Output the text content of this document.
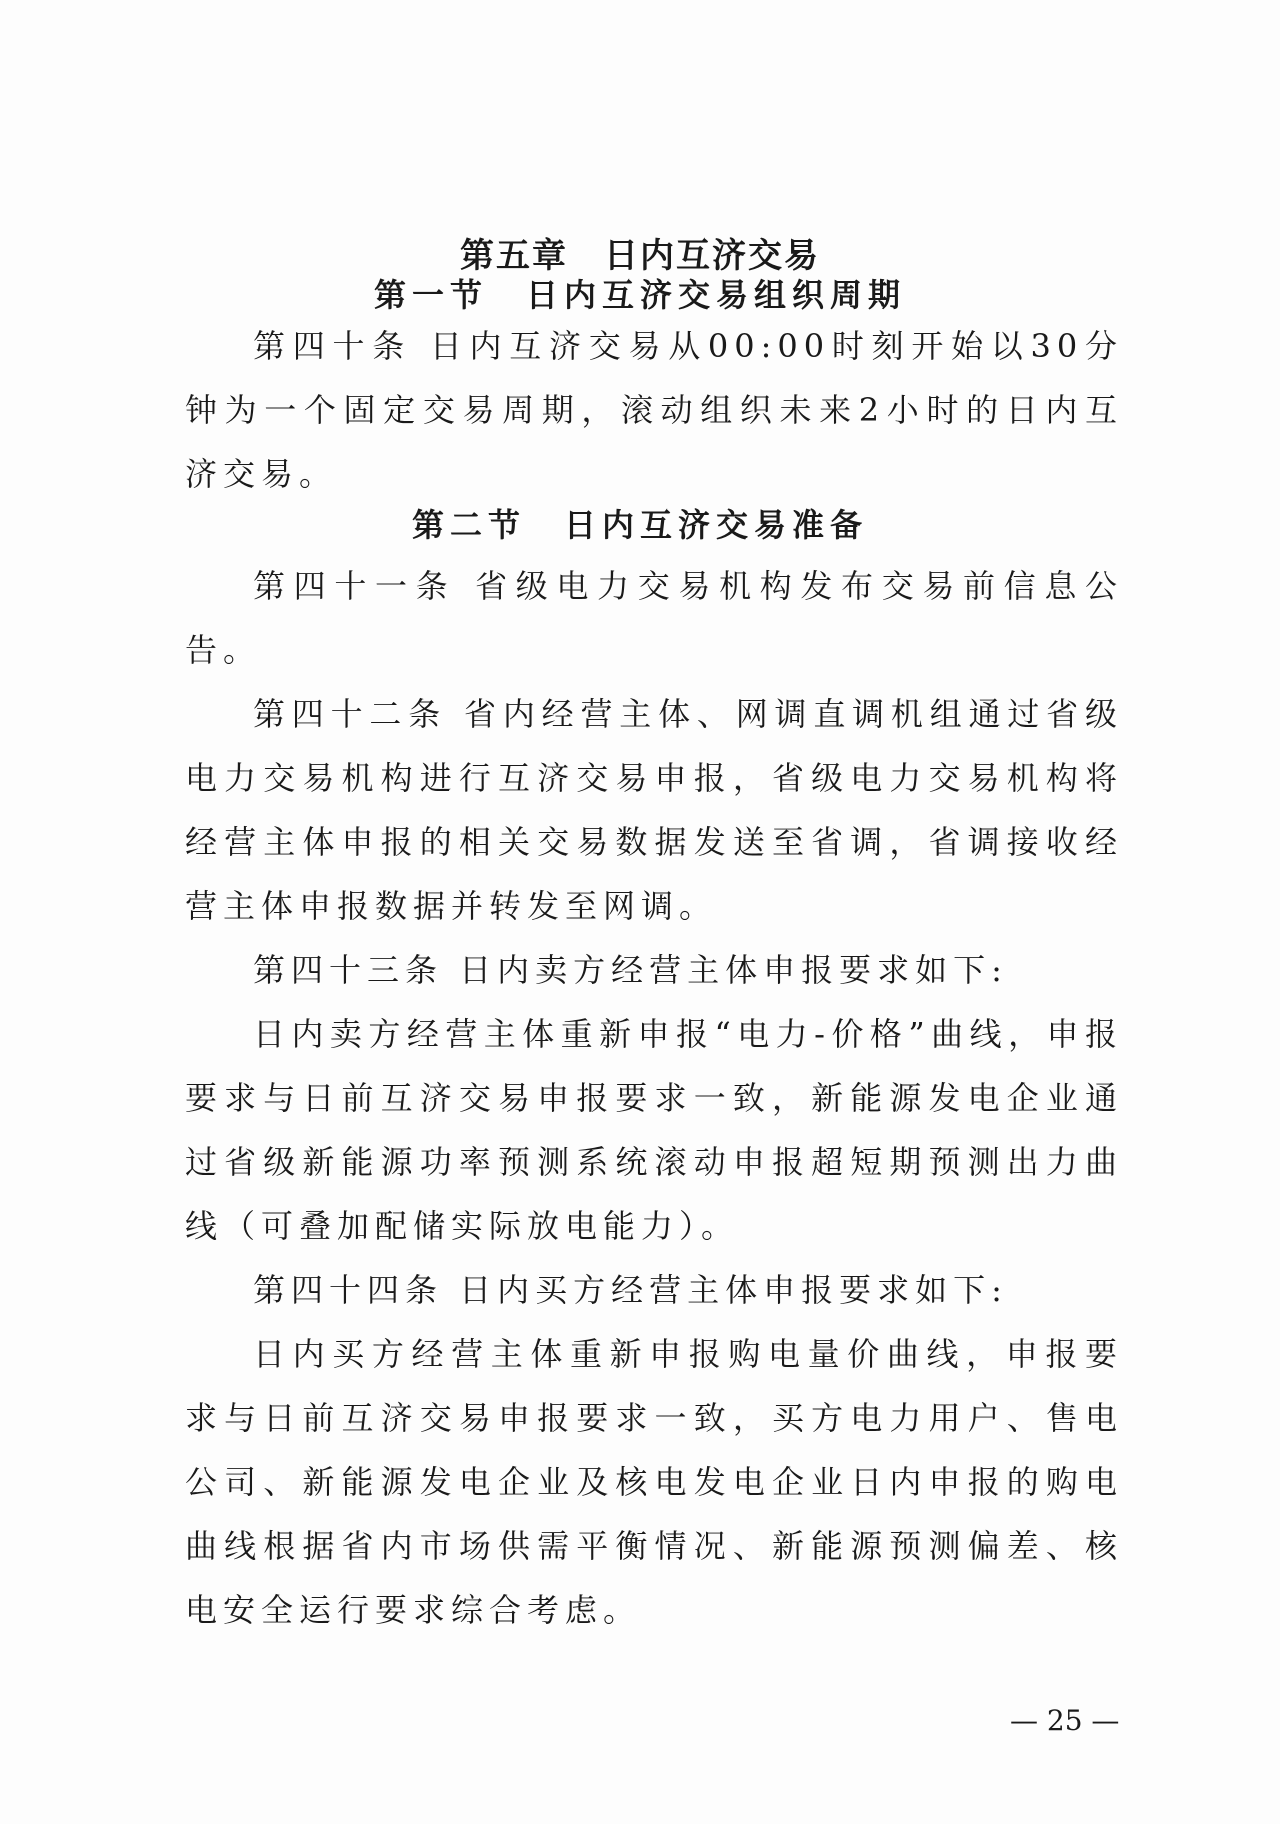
第五章　日内互济交易
第一节　日内互济交易组织周期

第四十条 日内互济交易从00:00时刻开始以30分钟为一个固定交易周期，滚动组织未来2小时的日内互济交易。

第二节　日内互济交易准备

第四十一条 省级电力交易机构发布交易前信息公告。

第四十二条 省内经营主体、网调直调机组通过省级电力交易机构进行互济交易申报，省级电力交易机构将经营主体申报的相关交易数据发送至省调，省调接收经营主体申报数据并转发至网调。

第四十三条 日内卖方经营主体申报要求如下:

日内卖方经营主体重新申报“电力-价格”曲线，申报要求与日前互济交易申报要求一致，新能源发电企业通过省级新能源功率预测系统滚动申报超短期预测出力曲线（可叠加配储实际放电能力）。

第四十四条 日内买方经营主体申报要求如下:

日内买方经营主体重新申报购电量价曲线，申报要求与日前互济交易申报要求一致，买方电力用户、售电公司、新能源发电企业及核电发电企业日内申报的购电曲线根据省内市场供需平衡情况、新能源预测偏差、核电安全运行要求综合考虑。

— 25 —
